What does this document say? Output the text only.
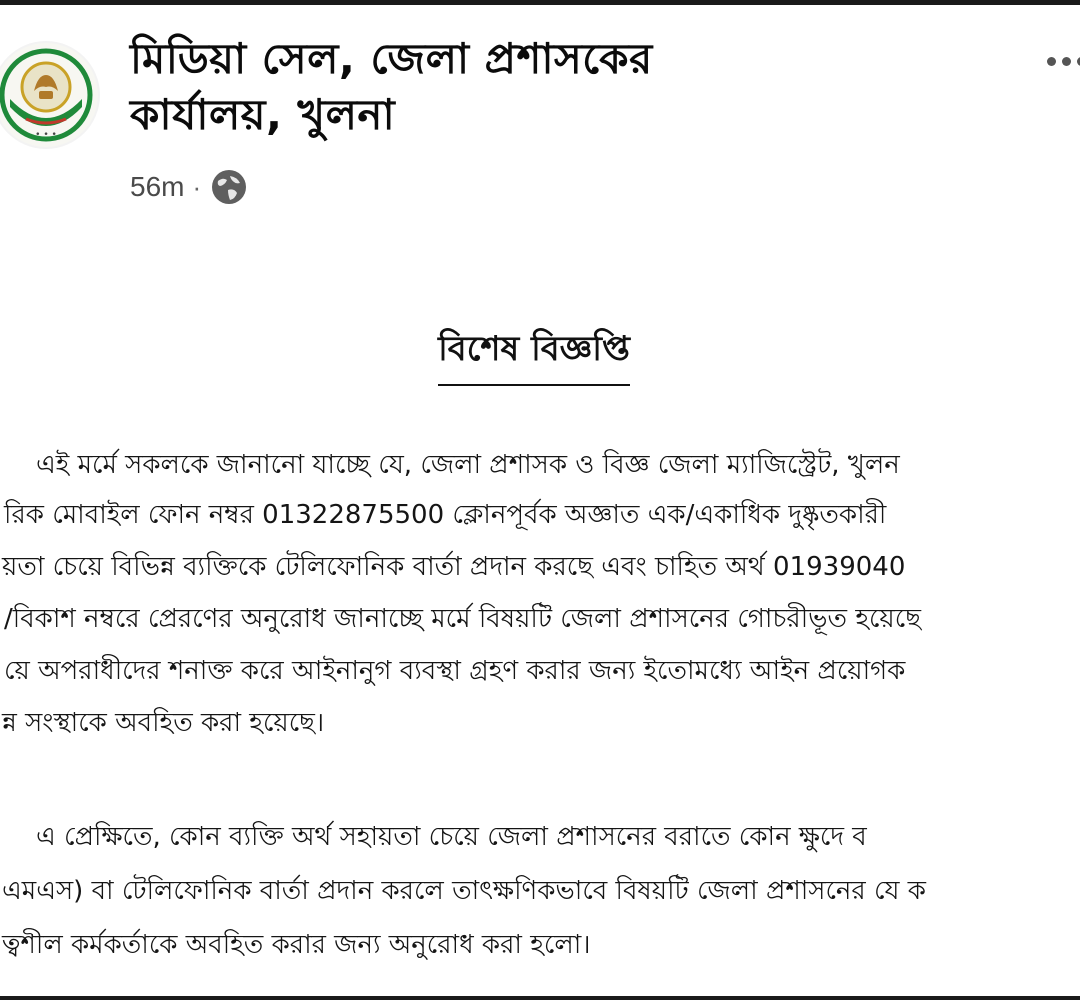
• • •
মিডিয়া সেল, জেলা প্রশাসকের
কার্যালয়, খুলনা
56m ·
বিশেষ বিজ্ঞপ্তি
এই মর্মে সকলকে জানানো যাচ্ছে যে, জেলা প্রশাসক ও বিজ্ঞ জেলা ম্যাজিস্ট্রেট, খুলন
রিক মোবাইল ফোন নম্বর 01322875500 ক্লোনপূর্বক অজ্ঞাত এক/একাধিক দুষ্কৃতকারী
য়তা চেয়ে বিভিন্ন ব্যক্তিকে টেলিফোনিক বার্তা প্রদান করছে এবং চাহিত অর্থ 01939040
/বিকাশ নম্বরে প্রেরণের অনুরোধ জানাচ্ছে মর্মে বিষয়টি জেলা প্রশাসনের গোচরীভূত হয়েছে
য়ে অপরাধীদের শনাক্ত করে আইনানুগ ব্যবস্থা গ্রহণ করার জন্য ইতোমধ্যে আইন প্রয়োগক
ন্ন সংস্থাকে অবহিত করা হয়েছে।
এ প্রেক্ষিতে, কোন ব্যক্তি অর্থ সহায়তা চেয়ে জেলা প্রশাসনের বরাতে কোন ক্ষুদে ব
এমএস) বা টেলিফোনিক বার্তা প্রদান করলে তাৎক্ষণিকভাবে বিষয়টি জেলা প্রশাসনের যে ক
ত্বশীল কর্মকর্তাকে অবহিত করার জন্য অনুরোধ করা হলো।
